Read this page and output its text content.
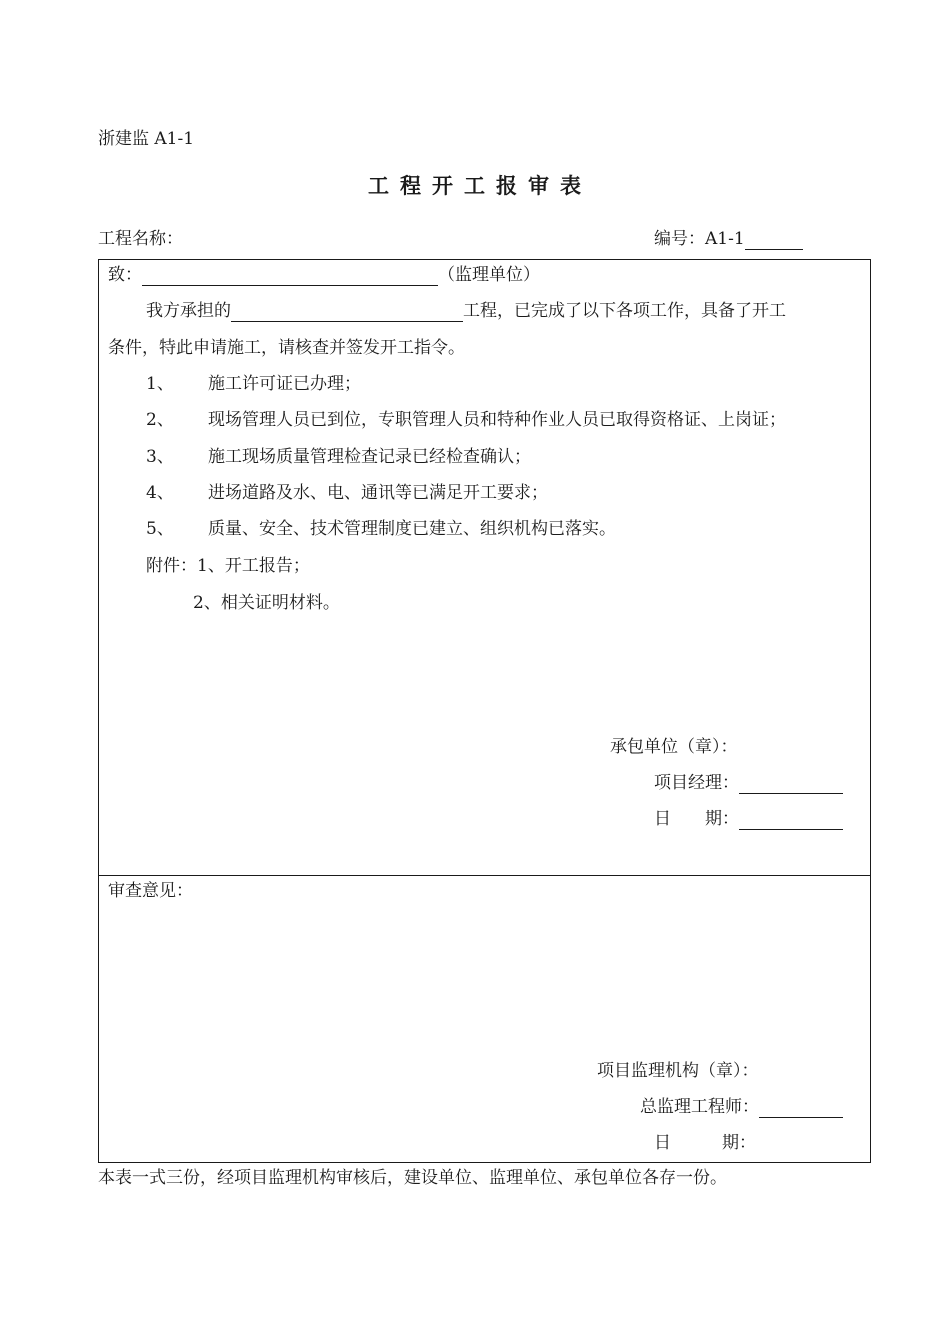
浙建监 A1-1
工程开工报审表
工程名称：	编号：A1-1
致：	（监理单位）
我方承担的	工程，已完成了以下各项工作，具备了开工
条件，特此申请施工，请核查并签发开工指令。
1、 施工许可证已办理；
2、 现场管理人员已到位，专职管理人员和特种作业人员已取得资格证、上岗证；
3、 施工现场质量管理检查记录已经检查确认；
4、 进场道路及水、电、通讯等已满足开工要求；
5、 质量、安全、技术管理制度已建立、组织机构已落实。
附件：1、开工报告；
2、相关证明材料。
承包单位（章）：
项目经理：
日　　期：
审查意见：
项目监理机构（章）：
总监理工程师：
日　　　期：
本表一式三份，经项目监理机构审核后，建设单位、监理单位、承包单位各存一份。
